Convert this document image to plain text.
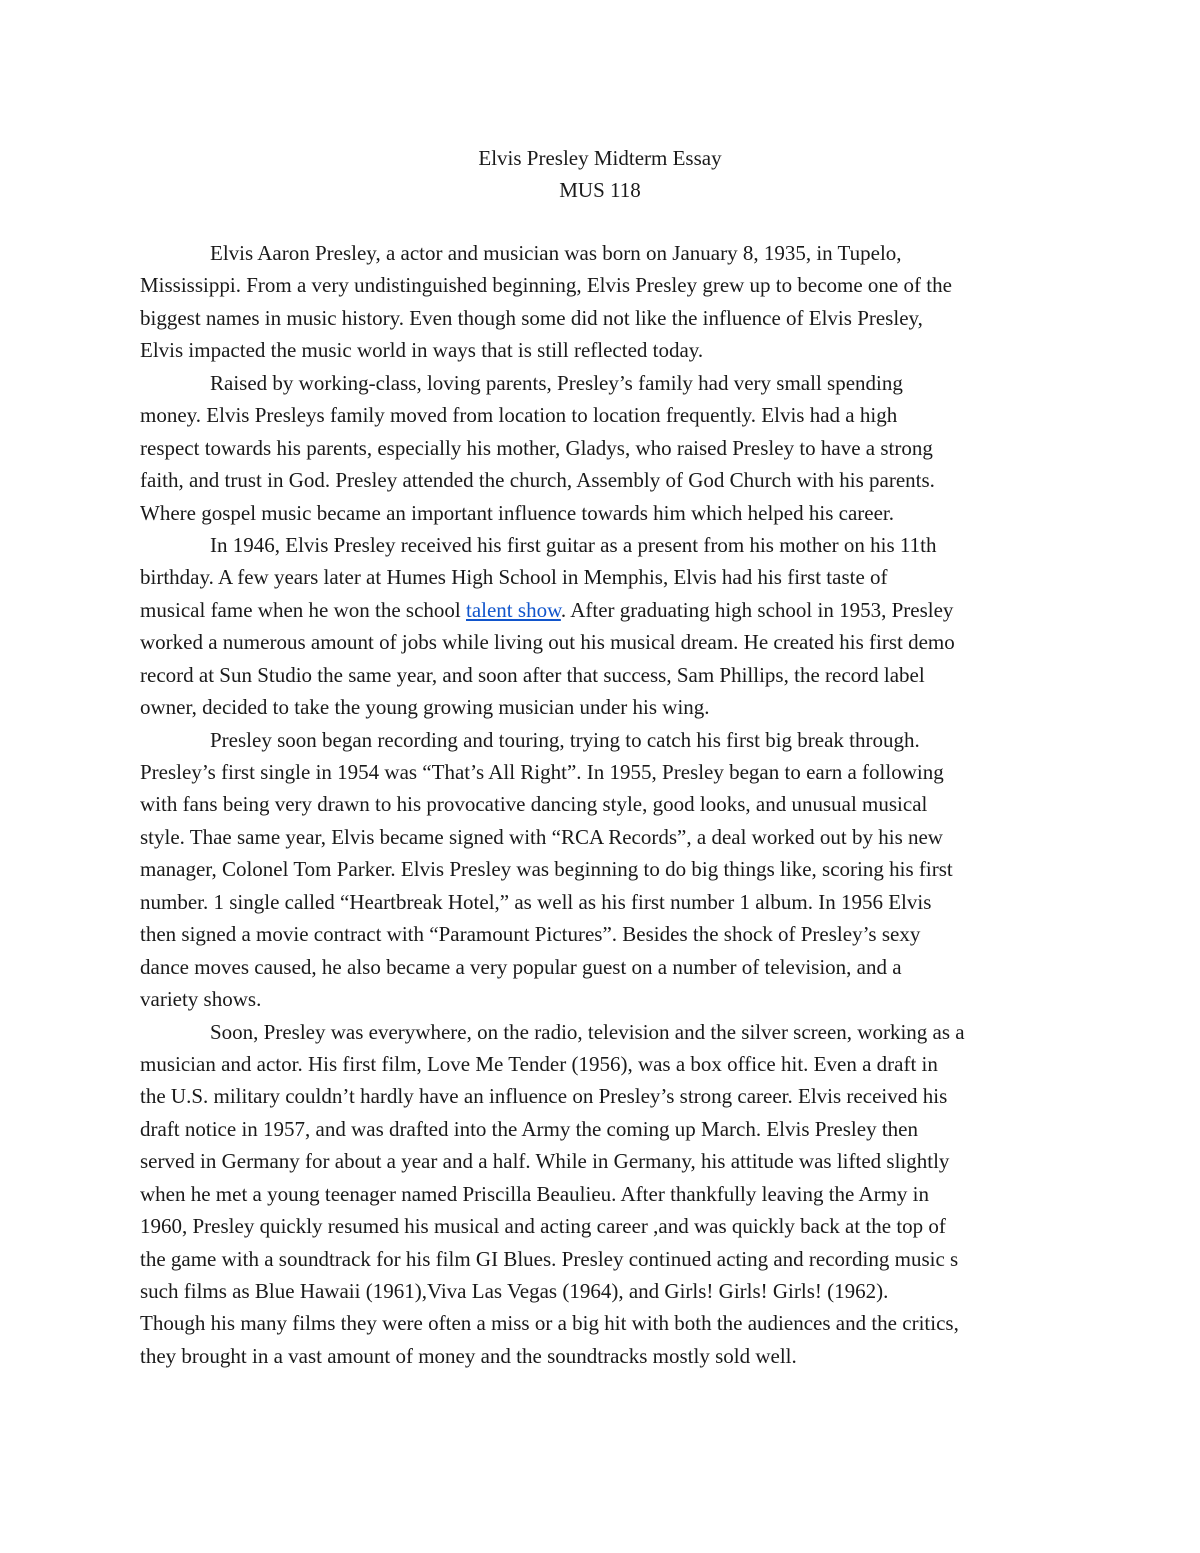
Elvis Presley Midterm Essay
MUS 118
Elvis Aaron Presley, a actor and musician was born on January 8, 1935, in Tupelo,
Mississippi. From a very undistinguished beginning, Elvis Presley grew up to become one of the
biggest names in music history. Even though some did not like the influence of Elvis Presley,
Elvis impacted the music world in ways that is still reflected today.
Raised by working-class, loving parents, Presley’s family had very small spending
money. Elvis Presleys family moved from location to location frequently. Elvis had a high
respect towards his parents, especially his mother, Gladys, who raised Presley to have a strong
faith, and trust in God. Presley attended the church, Assembly of God Church with his parents.
Where gospel music became an important influence towards him which helped his career.
In 1946, Elvis Presley received his first guitar as a present from his mother on his 11th
birthday. A few years later at Humes High School in Memphis, Elvis had his first taste of
musical fame when he won the school talent show. After graduating high school in 1953, Presley
worked a numerous amount of jobs while living out his musical dream. He created his first demo
record at Sun Studio the same year, and soon after that success, Sam Phillips, the record label
owner, decided to take the young growing musician under his wing.
Presley soon began recording and touring, trying to catch his first big break through.
Presley’s first single in 1954 was “That’s All Right”. In 1955, Presley began to earn a following
with fans being very drawn to his provocative dancing style, good looks, and unusual musical
style. Thae same year, Elvis became signed with “RCA Records”, a deal worked out by his new
manager, Colonel Tom Parker. Elvis Presley was beginning to do big things like, scoring his first
number. 1 single called “Heartbreak Hotel,” as well as his first number 1 album. In 1956 Elvis
then signed a movie contract with “Paramount Pictures”. Besides the shock of Presley’s sexy
dance moves caused, he also became a very popular guest on a number of television, and a
variety shows.
Soon, Presley was everywhere, on the radio, television and the silver screen, working as a
musician and actor. His first film, Love Me Tender (1956), was a box office hit. Even a draft in
the U.S. military couldn’t hardly have an influence on Presley’s strong career. Elvis received his
draft notice in 1957, and was drafted into the Army the coming up March. Elvis Presley then
served in Germany for about a year and a half. While in Germany, his attitude was lifted slightly
when he met a young teenager named Priscilla Beaulieu. After thankfully leaving the Army in
1960, Presley quickly resumed his musical and acting career ,and was quickly back at the top of
the game with a soundtrack for his film GI Blues. Presley continued acting and recording music s
such films as Blue Hawaii (1961),Viva Las Vegas (1964), and Girls! Girls! Girls! (1962).
Though his many films they were often a miss or a big hit with both the audiences and the critics,
they brought in a vast amount of money and the soundtracks mostly sold well.
